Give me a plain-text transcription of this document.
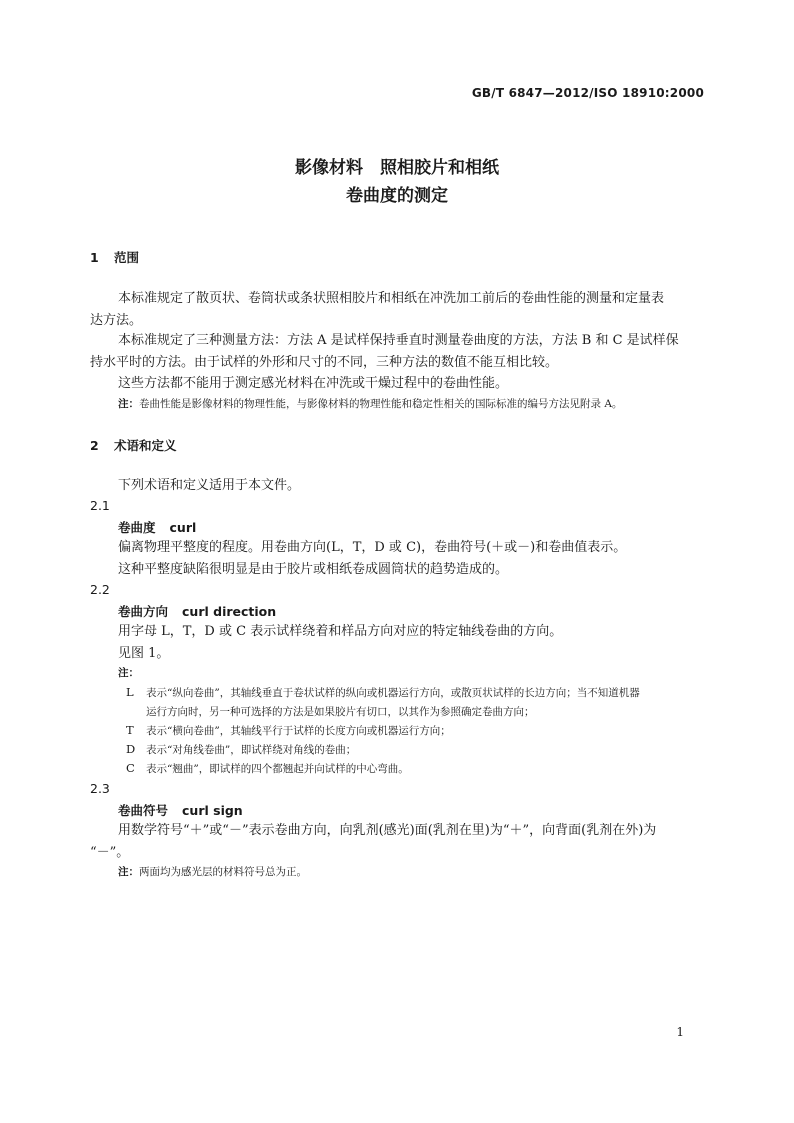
GB/T 6847—2012/ISO 18910:2000
影像材料　照相胶片和相纸
卷曲度的测定
1 范围
本标准规定了散页状、卷筒状或条状照相胶片和相纸在冲洗加工前后的卷曲性能的测量和定量表
达方法。
本标准规定了三种测量方法：方法 A 是试样保持垂直时测量卷曲度的方法，方法 B 和 C 是试样保
持水平时的方法。由于试样的外形和尺寸的不同，三种方法的数值不能互相比较。
这些方法都不能用于测定感光材料在冲洗或干燥过程中的卷曲性能。
注：卷曲性能是影像材料的物理性能，与影像材料的物理性能和稳定性相关的国际标准的编号方法见附录 A。
2 术语和定义
下列术语和定义适用于本文件。
2.1
卷曲度 curl
偏离物理平整度的程度。用卷曲方向(L，T，D 或 C)，卷曲符号(＋或－)和卷曲值表示。
这种平整度缺陷很明显是由于胶片或相纸卷成圆筒状的趋势造成的。
2.2
卷曲方向 curl direction
用字母 L，T，D 或 C 表示试样绕着和样品方向对应的特定轴线卷曲的方向。
见图 1。
注：
L 表示“纵向卷曲”，其轴线垂直于卷状试样的纵向或机器运行方向，或散页状试样的长边方向；当不知道机器
运行方向时，另一种可选择的方法是如果胶片有切口，以其作为参照确定卷曲方向；
T 表示“横向卷曲”，其轴线平行于试样的长度方向或机器运行方向；
D 表示“对角线卷曲”，即试样绕对角线的卷曲；
C 表示“翘曲”，即试样的四个都翘起并向试样的中心弯曲。
2.3
卷曲符号 curl sign
用数学符号“＋”或“－”表示卷曲方向，向乳剂(感光)面(乳剂在里)为“＋”，向背面(乳剂在外)为
“－”。
注：两面均为感光层的材料符号总为正。
1
